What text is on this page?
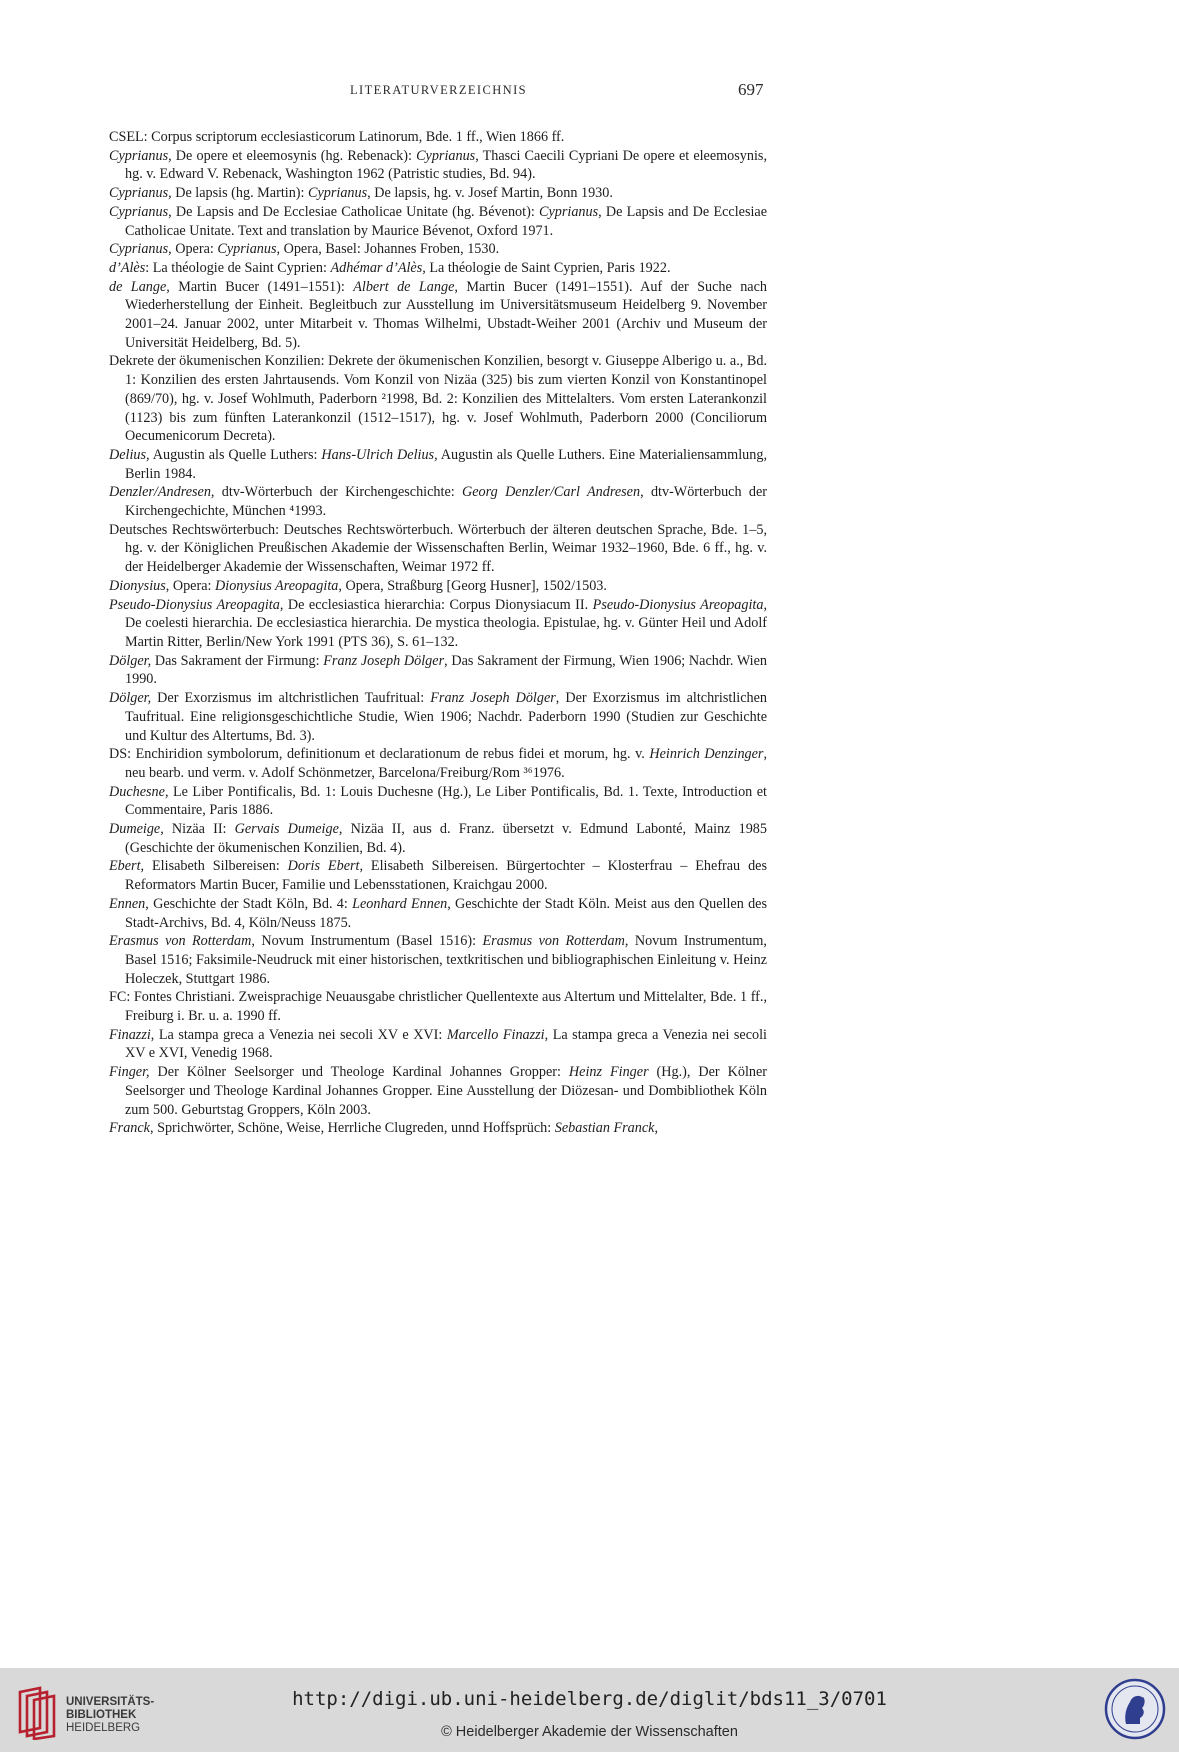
LITERATURVERZEICHNIS	697

CSEL: Corpus scriptorum ecclesiasticorum Latinorum, Bde. 1 ff., Wien 1866 ff.

Cyprianus, De opere et eleemosynis (hg. Rebenack): Cyprianus, Thasci Caecili Cypriani De opere et eleemosynis, hg. v. Edward V. Rebenack, Washington 1962 (Patristic studies, Bd. 94).

Cyprianus, De lapsis (hg. Martin): Cyprianus, De lapsis, hg. v. Josef Martin, Bonn 1930.

Cyprianus, De Lapsis and De Ecclesiae Catholicae Unitate (hg. Bévenot): Cyprianus, De Lapsis and De Ecclesiae Catholicae Unitate. Text and translation by Maurice Bévenot, Oxford 1971.

Cyprianus, Opera: Cyprianus, Opera, Basel: Johannes Froben, 1530.

d’Alès: La théologie de Saint Cyprien: Adhémar d’Alès, La théologie de Saint Cyprien, Paris 1922.

de Lange, Martin Bucer (1491–1551): Albert de Lange, Martin Bucer (1491–1551). Auf der Suche nach Wiederherstellung der Einheit. Begleitbuch zur Ausstellung im Universitätsmuseum Heidelberg 9. November 2001–24. Januar 2002, unter Mitarbeit v. Thomas Wilhelmi, Ubstadt-Weiher 2001 (Archiv und Museum der Universität Heidelberg, Bd. 5).

Dekrete der ökumenischen Konzilien: Dekrete der ökumenischen Konzilien, besorgt v. Giuseppe Alberigo u. a., Bd. 1: Konzilien des ersten Jahrtausends. Vom Konzil von Nizäa (325) bis zum vierten Konzil von Konstantinopel (869/70), hg. v. Josef Wohlmuth, Paderborn ²1998, Bd. 2: Konzilien des Mittelalters. Vom ersten Laterankonzil (1123) bis zum fünften Laterankonzil (1512–1517), hg. v. Josef Wohlmuth, Paderborn 2000 (Conciliorum Oecumenicorum Decreta).

Delius, Augustin als Quelle Luthers: Hans-Ulrich Delius, Augustin als Quelle Luthers. Eine Materialiensammlung, Berlin 1984.

Denzler/Andresen, dtv-Wörterbuch der Kirchengeschichte: Georg Denzler/Carl Andresen, dtv-Wörterbuch der Kirchengechichte, München ⁴1993.

Deutsches Rechtswörterbuch: Deutsches Rechtswörterbuch. Wörterbuch der älteren deutschen Sprache, Bde. 1–5, hg. v. der Königlichen Preußischen Akademie der Wissenschaften Berlin, Weimar 1932–1960, Bde. 6 ff., hg. v. der Heidelberger Akademie der Wissenschaften, Weimar 1972 ff.

Dionysius, Opera: Dionysius Areopagita, Opera, Straßburg [Georg Husner], 1502/1503.

Pseudo-Dionysius Areopagita, De ecclesiastica hierarchia: Corpus Dionysiacum II. Pseudo-Dionysius Areopagita, De coelesti hierarchia. De ecclesiastica hierarchia. De mystica theologia. Epistulae, hg. v. Günter Heil und Adolf Martin Ritter, Berlin/New York 1991 (PTS 36), S. 61–132.

Dölger, Das Sakrament der Firmung: Franz Joseph Dölger, Das Sakrament der Firmung, Wien 1906; Nachdr. Wien 1990.

Dölger, Der Exorzismus im altchristlichen Taufritual: Franz Joseph Dölger, Der Exorzismus im altchristlichen Taufritual. Eine religionsgeschichtliche Studie, Wien 1906; Nachdr. Paderborn 1990 (Studien zur Geschichte und Kultur des Altertums, Bd. 3).

DS: Enchiridion symbolorum, definitionum et declarationum de rebus fidei et morum, hg. v. Heinrich Denzinger, neu bearb. und verm. v. Adolf Schönmetzer, Barcelona/Freiburg/Rom ³⁶1976.

Duchesne, Le Liber Pontificalis, Bd. 1: Louis Duchesne (Hg.), Le Liber Pontificalis, Bd. 1. Texte, Introduction et Commentaire, Paris 1886.

Dumeige, Nizäa II: Gervais Dumeige, Nizäa II, aus d. Franz. übersetzt v. Edmund Labonté, Mainz 1985 (Geschichte der ökumenischen Konzilien, Bd. 4).

Ebert, Elisabeth Silbereisen: Doris Ebert, Elisabeth Silbereisen. Bürgertochter – Klosterfrau – Ehefrau des Reformators Martin Bucer, Familie und Lebensstationen, Kraichgau 2000.

Ennen, Geschichte der Stadt Köln, Bd. 4: Leonhard Ennen, Geschichte der Stadt Köln. Meist aus den Quellen des Stadt-Archivs, Bd. 4, Köln/Neuss 1875.

Erasmus von Rotterdam, Novum Instrumentum (Basel 1516): Erasmus von Rotterdam, Novum Instrumentum, Basel 1516; Faksimile-Neudruck mit einer historischen, textkritischen und bibliographischen Einleitung v. Heinz Holeczek, Stuttgart 1986.

FC: Fontes Christiani. Zweisprachige Neuausgabe christlicher Quellentexte aus Altertum und Mittelalter, Bde. 1 ff., Freiburg i. Br. u. a. 1990 ff.

Finazzi, La stampa greca a Venezia nei secoli XV e XVI: Marcello Finazzi, La stampa greca a Venezia nei secoli XV e XVI, Venedig 1968.

Finger, Der Kölner Seelsorger und Theologe Kardinal Johannes Gropper: Heinz Finger (Hg.), Der Kölner Seelsorger und Theologe Kardinal Johannes Gropper. Eine Ausstellung der Diözesan- und Dombibliothek Köln zum 500. Geburtstag Groppers, Köln 2003.

Franck, Sprichwörter, Schöne, Weise, Herrliche Clugreden, unnd Hoffsprüch: Sebastian Franck,

UNIVERSITÄTS-
BIBLIOTHEK
HEIDELBERG
http://digi.ub.uni-heidelberg.de/diglit/bds11_3/0701
© Heidelberger Akademie der Wissenschaften
